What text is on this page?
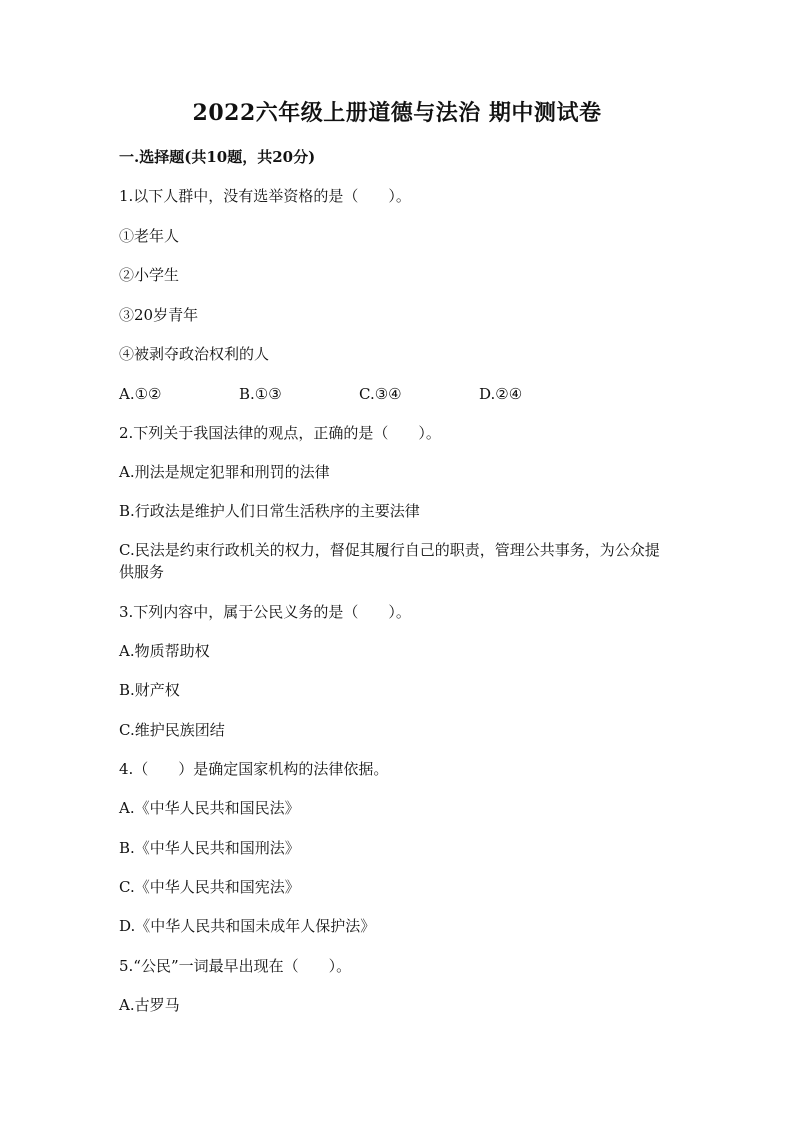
2022六年级上册道德与法治 期中测试卷
一.选择题(共10题，共20分)
1.以下人群中，没有选举资格的是（　　）。
①老年人
②小学生
③20岁青年
④被剥夺政治权利的人
A.①②	B.①③	C.③④	D.②④
2.下列关于我国法律的观点，正确的是（　　）。
A.刑法是规定犯罪和刑罚的法律
B.行政法是维护人们日常生活秩序的主要法律
C.民法是约束行政机关的权力，督促其履行自己的职责，管理公共事务，为公众提供服务
3.下列内容中，属于公民义务的是（　　）。
A.物质帮助权
B.财产权
C.维护民族团结
4.（　　）是确定国家机构的法律依据。
A.《中华人民共和国民法》
B.《中华人民共和国刑法》
C.《中华人民共和国宪法》
D.《中华人民共和国未成年人保护法》
5.“公民”一词最早出现在（　　）。
A.古罗马
